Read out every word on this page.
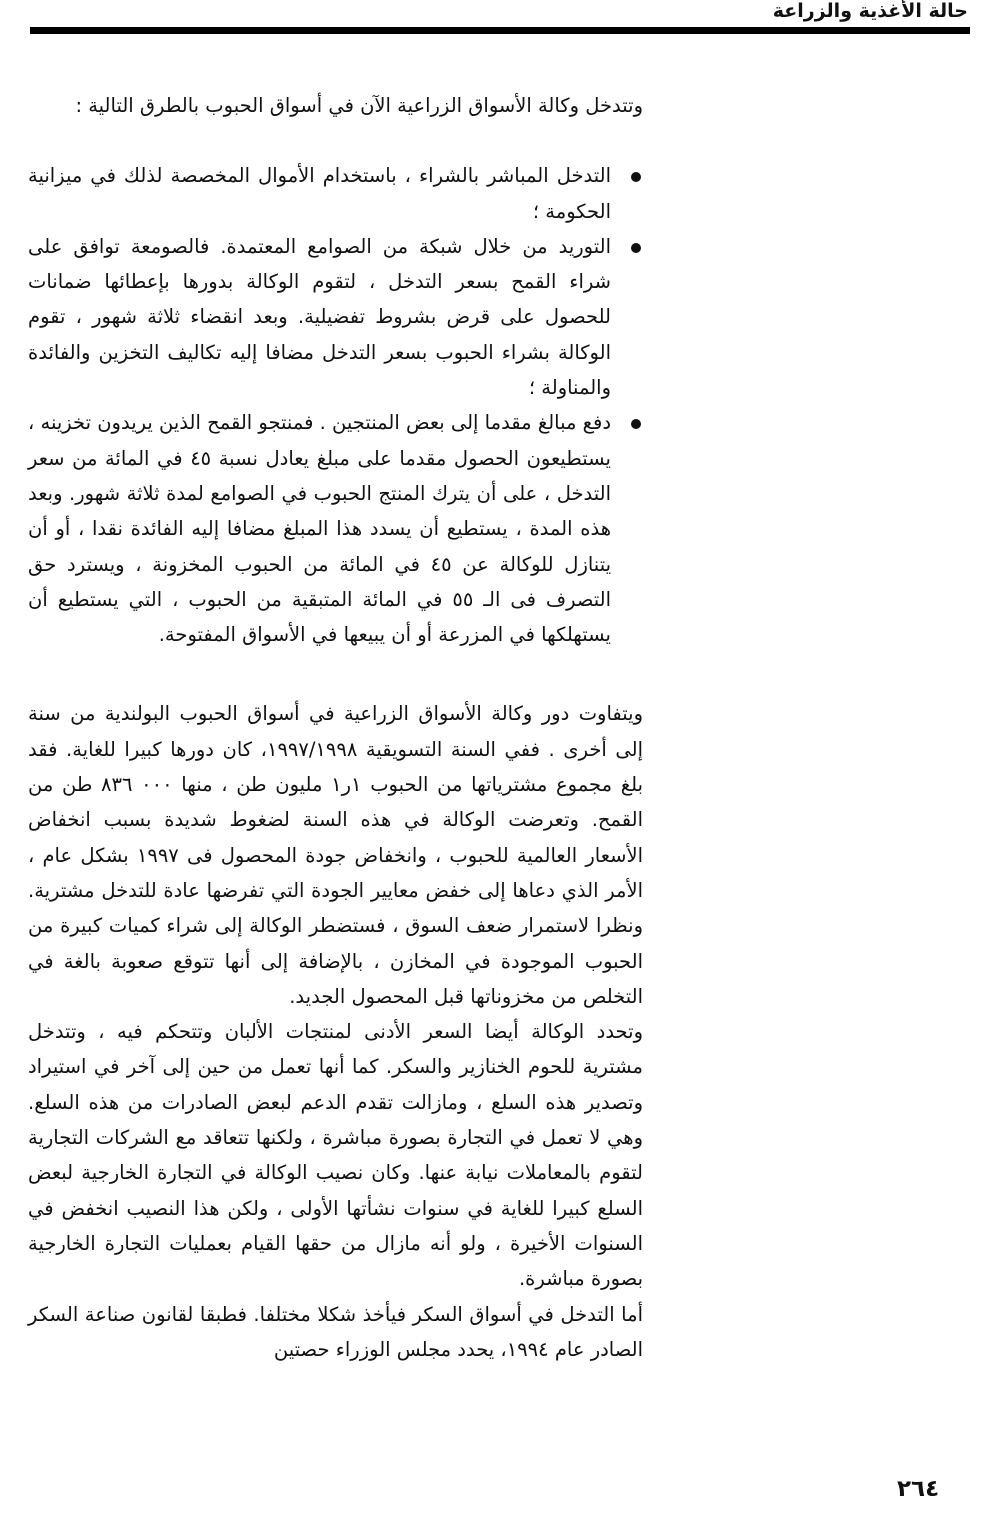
حالة الأغذية والزراعة

وتتدخل وكالة الأسواق الزراعية الآن في أسواق الحبوب بالطرق التالية :

التدخل المباشر بالشراء ، باستخدام الأموال المخصصة لذلك في ميزانية الحكومة ؛
التوريد من خلال شبكة من الصوامع المعتمدة. فالصومعة توافق على شراء القمح بسعر التدخل ، لتقوم الوكالة بدورها بإعطائها ضمانات للحصول على قرض بشروط تفضيلية. وبعد انقضاء ثلاثة شهور ، تقوم الوكالة بشراء الحبوب بسعر التدخل مضافا إليه تكاليف التخزين والفائدة والمناولة ؛
دفع مبالغ مقدما إلى بعض المنتجين . فمنتجو القمح الذين يريدون تخزينه ، يستطيعون الحصول مقدما على مبلغ يعادل نسبة ٤٥ في المائة من سعر التدخل ، على أن يترك المنتج الحبوب في الصوامع لمدة ثلاثة شهور. وبعد هذه المدة ، يستطيع أن يسدد هذا المبلغ مضافا إليه الفائدة نقدا ، أو أن يتنازل للوكالة عن ٤٥ في المائة من الحبوب المخزونة ، ويسترد حق التصرف فى الـ ٥٥ في المائة المتبقية من الحبوب ، التي يستطيع أن يستهلكها في المزرعة أو أن يبيعها في الأسواق المفتوحة.

ويتفاوت دور وكالة الأسواق الزراعية في أسواق الحبوب البولندية من سنة إلى أخرى . ففي السنة التسويقية ١٩٩٧/١٩٩٨، كان دورها كبيرا للغاية. فقد بلغ مجموع مشترياتها من الحبوب ١ر١ مليون طن ، منها ٠٠٠ ٨٣٦ طن من القمح. وتعرضت الوكالة في هذه السنة لضغوط شديدة بسبب انخفاض الأسعار العالمية للحبوب ، وانخفاض جودة المحصول فى ١٩٩٧ بشكل عام ، الأمر الذي دعاها إلى خفض معايير الجودة التي تفرضها عادة للتدخل مشترية. ونظرا لاستمرار ضعف السوق ، فستضطر الوكالة إلى شراء كميات كبيرة من الحبوب الموجودة في المخازن ، بالإضافة إلى أنها تتوقع صعوبة بالغة في التخلص من مخزوناتها قبل المحصول الجديد.

وتحدد الوكالة أيضا السعر الأدنى لمنتجات الألبان وتتحكم فيه ، وتتدخل مشترية للحوم الخنازير والسكر. كما أنها تعمل من حين إلى آخر في استيراد وتصدير هذه السلع ، ومازالت تقدم الدعم لبعض الصادرات من هذه السلع. وهي لا تعمل في التجارة بصورة مباشرة ، ولكنها تتعاقد مع الشركات التجارية لتقوم بالمعاملات نيابة عنها. وكان نصيب الوكالة في التجارة الخارجية لبعض السلع كبيرا للغاية في سنوات نشأتها الأولى ، ولكن هذا النصيب انخفض في السنوات الأخيرة ، ولو أنه مازال من حقها القيام بعمليات التجارة الخارجية بصورة مباشرة.

أما التدخل في أسواق السكر فيأخذ شكلا مختلفا. فطبقا لقانون صناعة السكر الصادر عام ١٩٩٤، يحدد مجلس الوزراء حصتين

٢٦٤
